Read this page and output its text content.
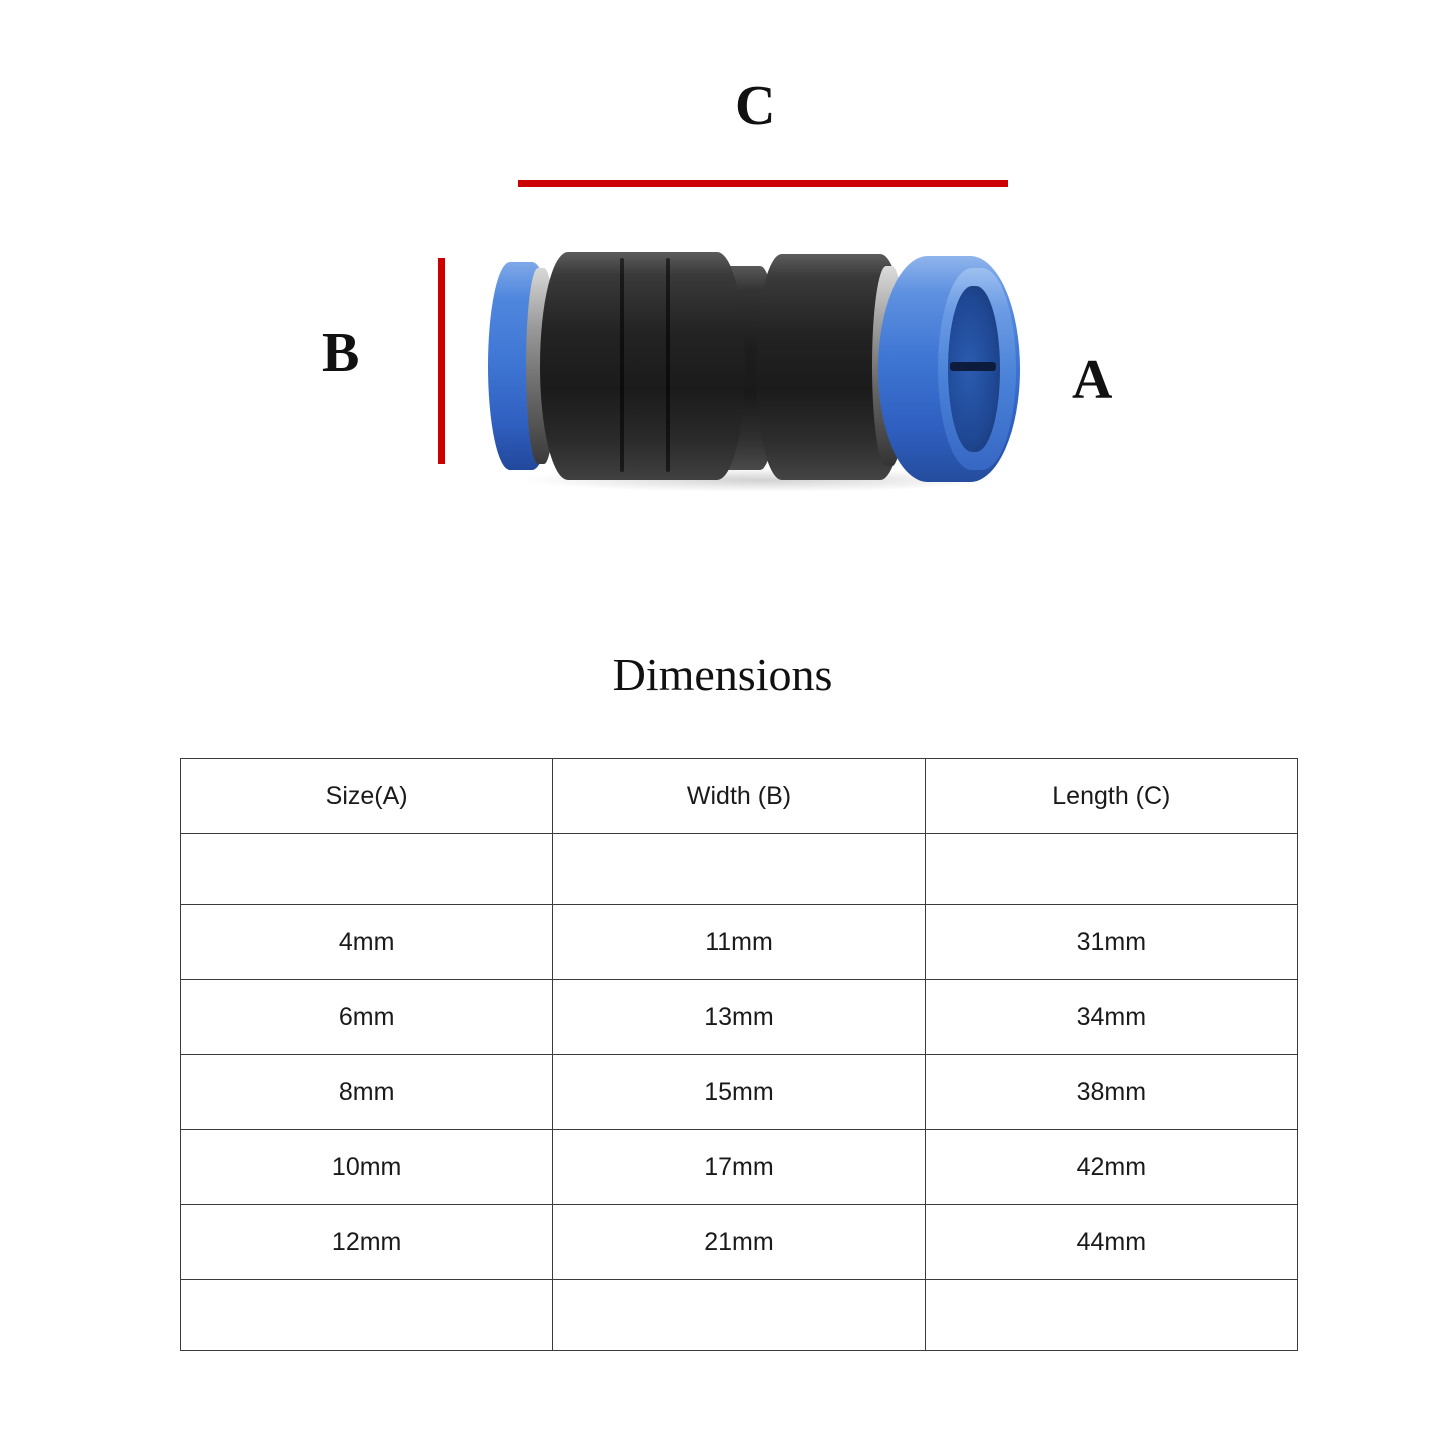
C
B	A
Dimensions
Size(A)	Width (B)	Length (C)

4mm	11mm	31mm
6mm	13mm	34mm
8mm	15mm	38mm
10mm	17mm	42mm
12mm	21mm	44mm
